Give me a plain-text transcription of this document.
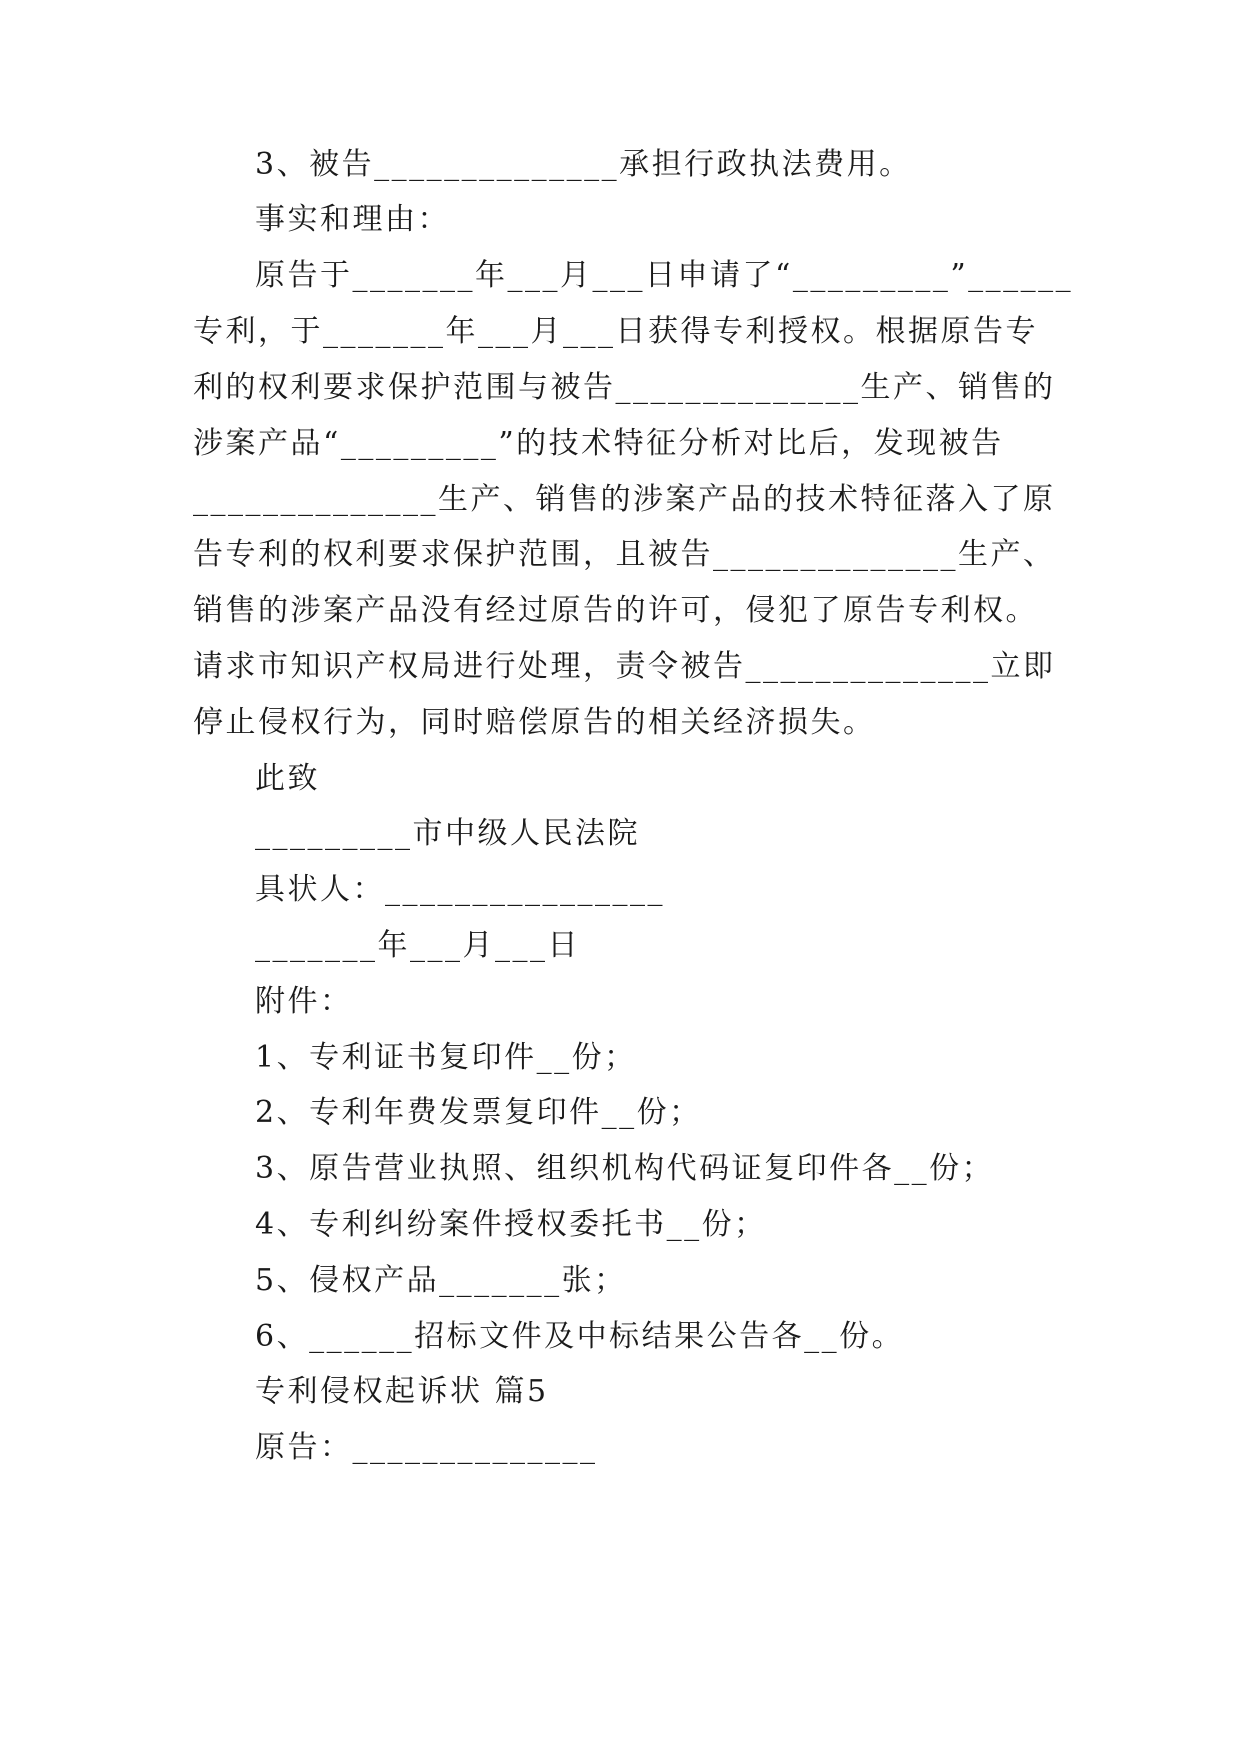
3、被告______________承担行政执法费用。
事实和理由：
原告于_______年___月___日申请了“_________”______
专利，于_______年___月___日获得专利授权。根据原告专
利的权利要求保护范围与被告______________生产、销售的
涉案产品“_________”的技术特征分析对比后，发现被告
______________生产、销售的涉案产品的技术特征落入了原
告专利的权利要求保护范围，且被告______________生产、
销售的涉案产品没有经过原告的许可，侵犯了原告专利权。
请求市知识产权局进行处理，责令被告______________立即
停止侵权行为，同时赔偿原告的相关经济损失。
此致
_________市中级人民法院
具状人：________________
_______年___月___日
附件：
1、专利证书复印件__份；
2、专利年费发票复印件__份；
3、原告营业执照、组织机构代码证复印件各__份；
4、专利纠纷案件授权委托书__份；
5、侵权产品_______张；
6、______招标文件及中标结果公告各__份。
专利侵权起诉状 篇5
原告：______________
